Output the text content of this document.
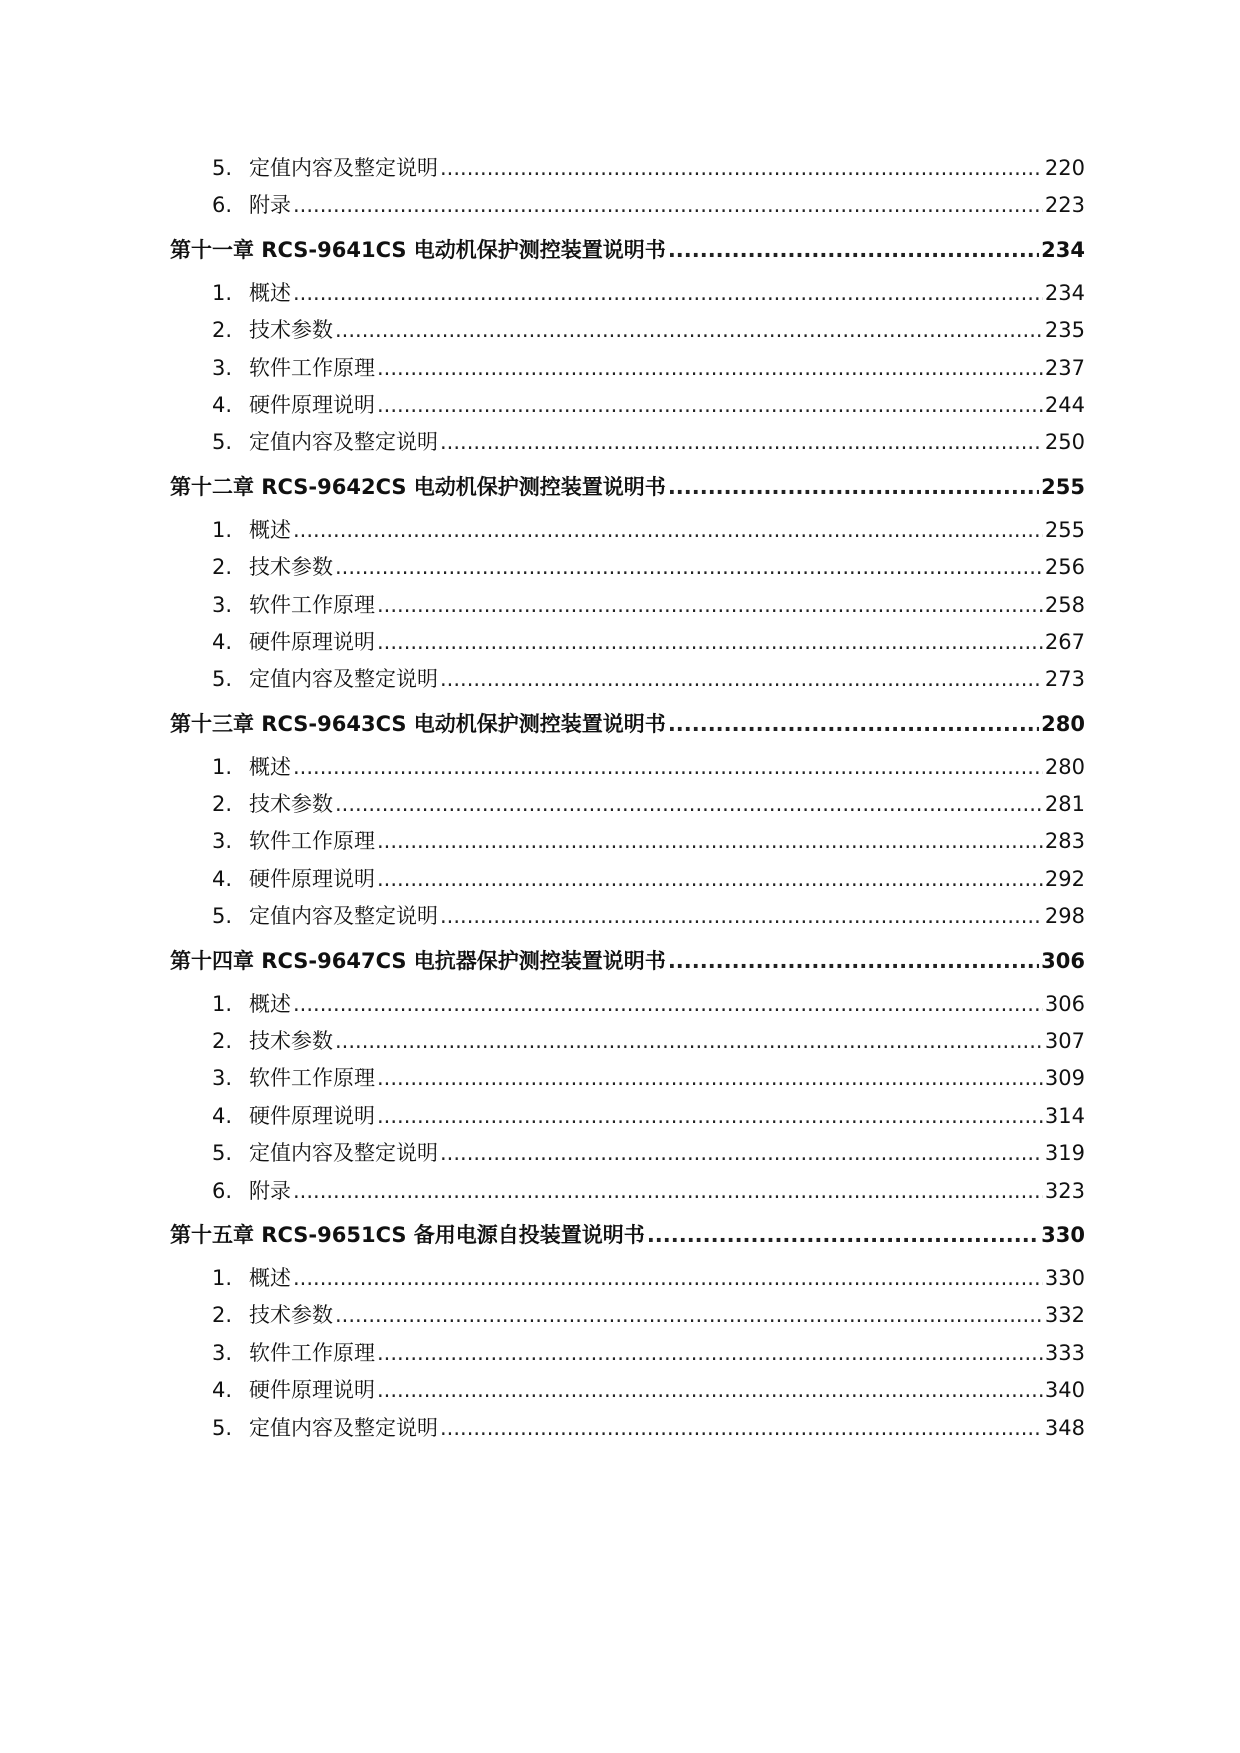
5. 定值内容及整定说明 .....	220
6. 附录 .....	223
第十一章 RCS-9641CS 电动机保护测控装置说明书 .....	234
1. 概述 .....	234
2. 技术参数 .....	235
3. 软件工作原理 .....	237
4. 硬件原理说明 .....	244
5. 定值内容及整定说明 .....	250
第十二章 RCS-9642CS 电动机保护测控装置说明书 .....	255
1. 概述 .....	255
2. 技术参数 .....	256
3. 软件工作原理 .....	258
4. 硬件原理说明 .....	267
5. 定值内容及整定说明 .....	273
第十三章 RCS-9643CS 电动机保护测控装置说明书 .....	280
1. 概述 .....	280
2. 技术参数 .....	281
3. 软件工作原理 .....	283
4. 硬件原理说明 .....	292
5. 定值内容及整定说明 .....	298
第十四章 RCS-9647CS 电抗器保护测控装置说明书 .....	306
1. 概述 .....	306
2. 技术参数 .....	307
3. 软件工作原理 .....	309
4. 硬件原理说明 .....	314
5. 定值内容及整定说明 .....	319
6. 附录 .....	323
第十五章 RCS-9651CS 备用电源自投装置说明书 .....	330
1. 概述 .....	330
2. 技术参数 .....	332
3. 软件工作原理 .....	333
4. 硬件原理说明 .....	340
5. 定值内容及整定说明 .....	348
